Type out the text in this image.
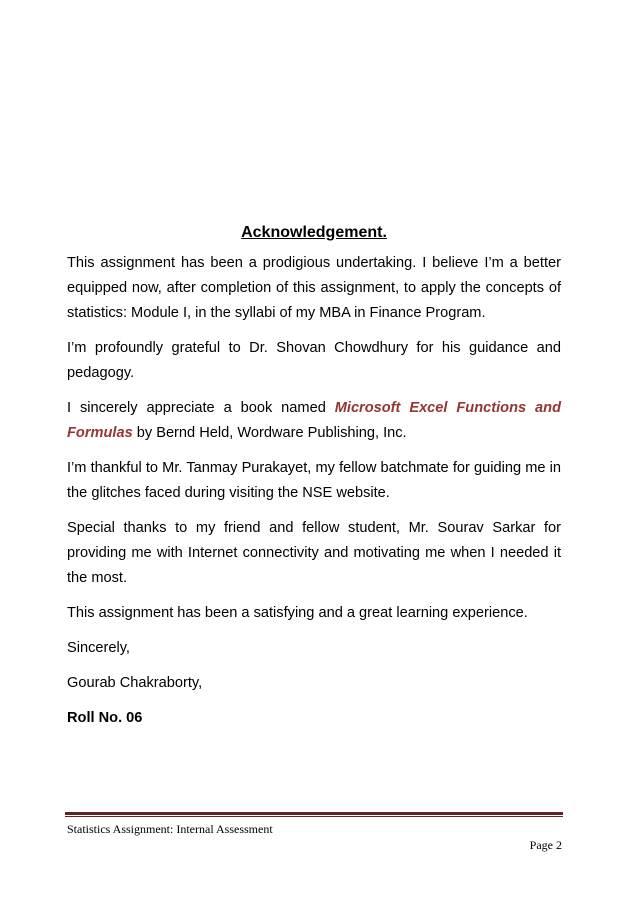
Acknowledgement.

This assignment has been a prodigious undertaking. I believe I’m a better equipped now, after completion of this assignment, to apply the concepts of statistics: Module I, in the syllabi of my MBA in Finance Program.

I’m profoundly grateful to Dr. Shovan Chowdhury for his guidance and pedagogy.

I sincerely appreciate a book named Microsoft Excel Functions and Formulas by Bernd Held, Wordware Publishing, Inc.

I’m thankful to Mr. Tanmay Purakayet, my fellow batchmate for guiding me in the glitches faced during visiting the NSE website.

Special thanks to my friend and fellow student, Mr. Sourav Sarkar for providing me with Internet connectivity and motivating me when I needed it the most.

This assignment has been a satisfying and a great learning experience.

Sincerely,

Gourab Chakraborty,

Roll No. 06

Statistics Assignment: Internal Assessment
Page 2
